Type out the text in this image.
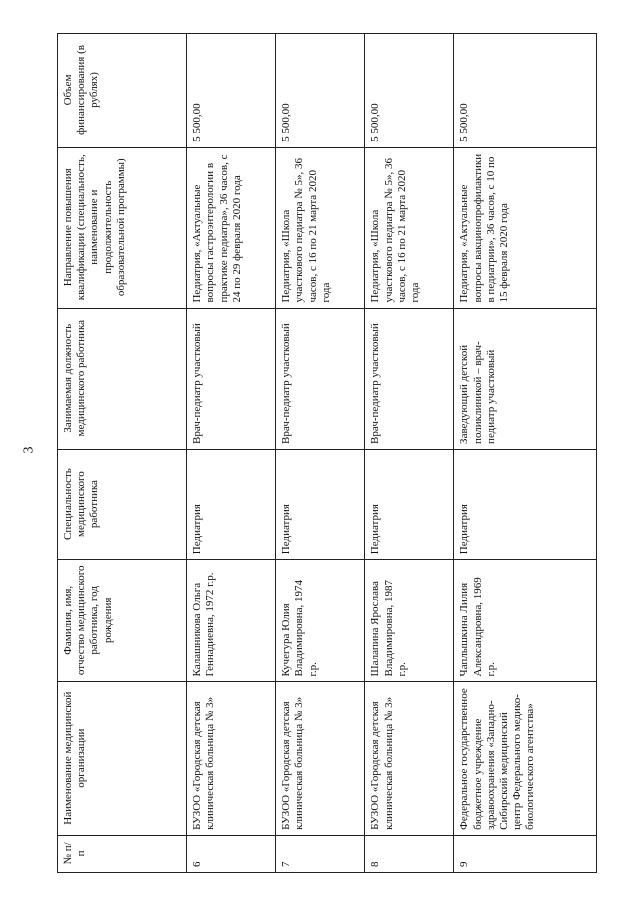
3
№ п/п	Наименование медицинской организации	Фамилия, имя, отчество медицинского работника, год рождения	Специальность медицинского работника	Занимаемая должность медицинского работника	Направление повышения квалификации (специальность, наименование и продолжительность образовательной программы)	Объем финансирования (в рублях)
6	БУЗОО «Городская детская клиническая больница № 3»	Калашникова Ольга Геннадиевна, 1972 г.р.	Педиатрия	Врач-педиатр участковый	Педиатрия, «Актуальные вопросы гастроэнтерологии в практике педиатра», 36 часов, с 24 по 29 февраля 2020 года	5 500,00
7	БУЗОО «Городская детская клиническая больница № 3»	Кучегура Юлия Владимировна, 1974 г.р.	Педиатрия	Врач-педиатр участковый	Педиатрия, «Школа участкового педиатра № 5», 36 часов, с 16 по 21 марта 2020 года	5 500,00
8	БУЗОО «Городская детская клиническая больница № 3»	Шалапина Ярослава Владимировна, 1987 г.р.	Педиатрия	Врач-педиатр участковый	Педиатрия, «Школа участкового педиатра № 5», 36 часов, с 16 по 21 марта 2020 года	5 500,00
9	Федеральное государственное бюджетное учреждение здравоохранения «Западно-Сибирский медицинский центр Федерального медико-биологического агентства»	Чаплышкина Лилия Александровна, 1969 г.р.	Педиатрия	Заведующий детской поликлиникой – врач-педиатр участковый	Педиатрия, «Актуальные вопросы вакцинопрофилактики в педиатрии», 36 часов, с 10 по 15 февраля 2020 года	5 500,00
